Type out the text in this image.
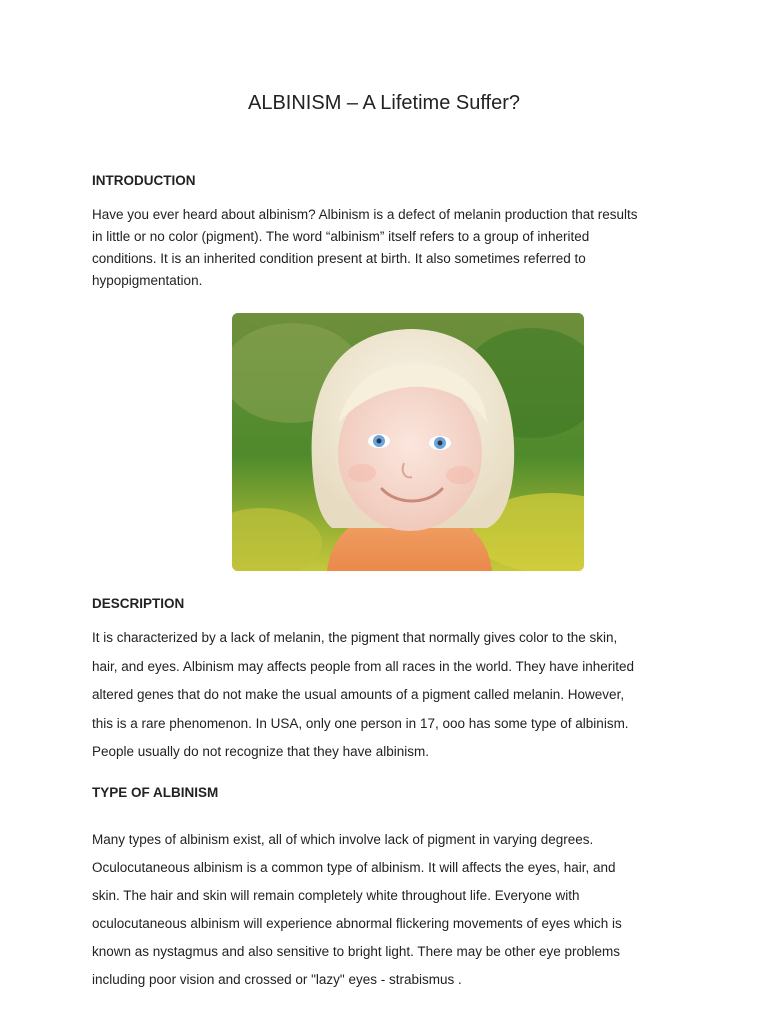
ALBINISM – A Lifetime Suffer?
INTRODUCTION
Have you ever heard about albinism? Albinism is a defect of melanin production that results
in little or no color (pigment). The word “albinism” itself refers to a group of inherited
conditions. It is an inherited condition present at birth. It also sometimes referred to
hypopigmentation.
DESCRIPTION
It is characterized by a lack of melanin, the pigment that normally gives color to the skin,
hair, and eyes. Albinism may affects people from all races in the world. They have inherited
altered genes that do not make the usual amounts of a pigment called melanin. However,
this is a rare phenomenon. In USA, only one person in 17, ooo has some type of albinism.
People usually do not recognize that they have albinism.
TYPE OF ALBINISM
Many types of albinism exist, all of which involve lack of pigment in varying degrees.
Oculocutaneous albinism is a common type of albinism. It will affects the eyes, hair, and
skin. The hair and skin will remain completely white throughout life. Everyone with
oculocutaneous albinism will experience abnormal flickering movements of eyes which is
known as nystagmus and also sensitive to bright light. There may be other eye problems
including poor vision and crossed or "lazy" eyes - strabismus .
